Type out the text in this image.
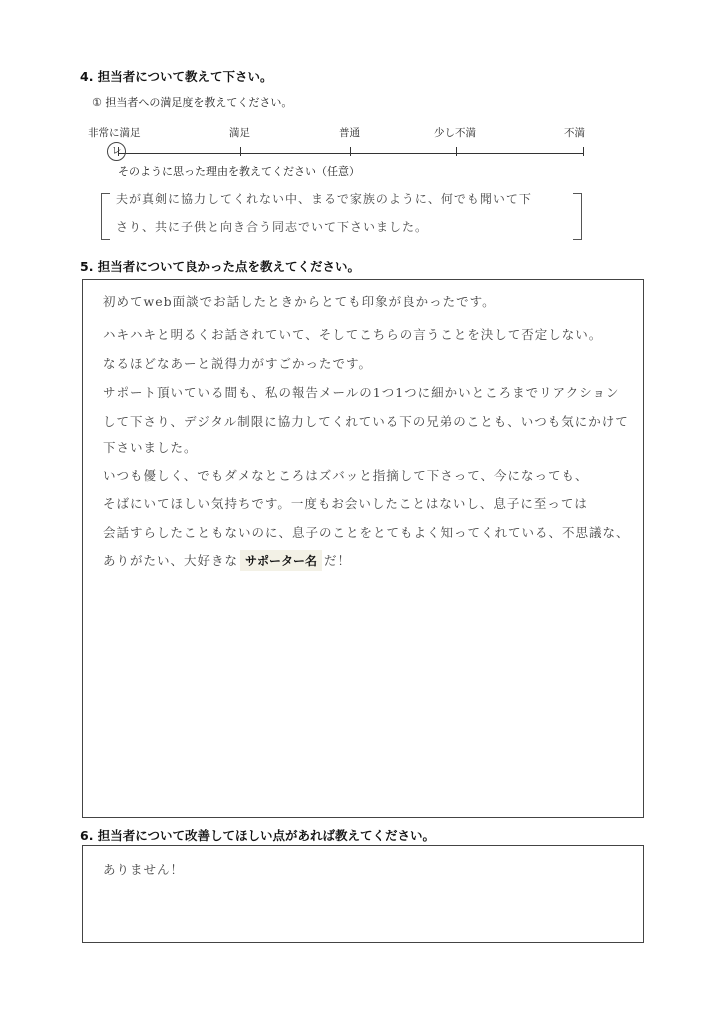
4. 担当者について教えて下さい。
① 担当者への満足度を教えてください。
非常に満足	満足	普通	少し不満	不満
レ
そのように思った理由を教えてください（任意）
夫が真剣に協力してくれない中、まるで家族のように、何でも聞いて下
さり、共に子供と向き合う同志でいて下さいました。
5. 担当者について良かった点を教えてください。
初めてweb面談でお話したときからとても印象が良かったです。
ハキハキと明るくお話されていて、そしてこちらの言うことを決して否定しない。
なるほどなあーと説得力がすごかったです。
サポート頂いている間も、私の報告メールの1つ1つに細かいところまでリアクション
して下さり、デジタル制限に協力してくれている下の兄弟のことも、いつも気にかけて
下さいました。
いつも優しく、でもダメなところはズバッと指摘して下さって、今になっても、
そばにいてほしい気持ちです。一度もお会いしたことはないし、息子に至っては
会話すらしたこともないのに、息子のことをとてもよく知ってくれている、不思議な、
ありがたい、大好きな サポーター名 だ！
6. 担当者について改善してほしい点があれば教えてください。
ありません！
